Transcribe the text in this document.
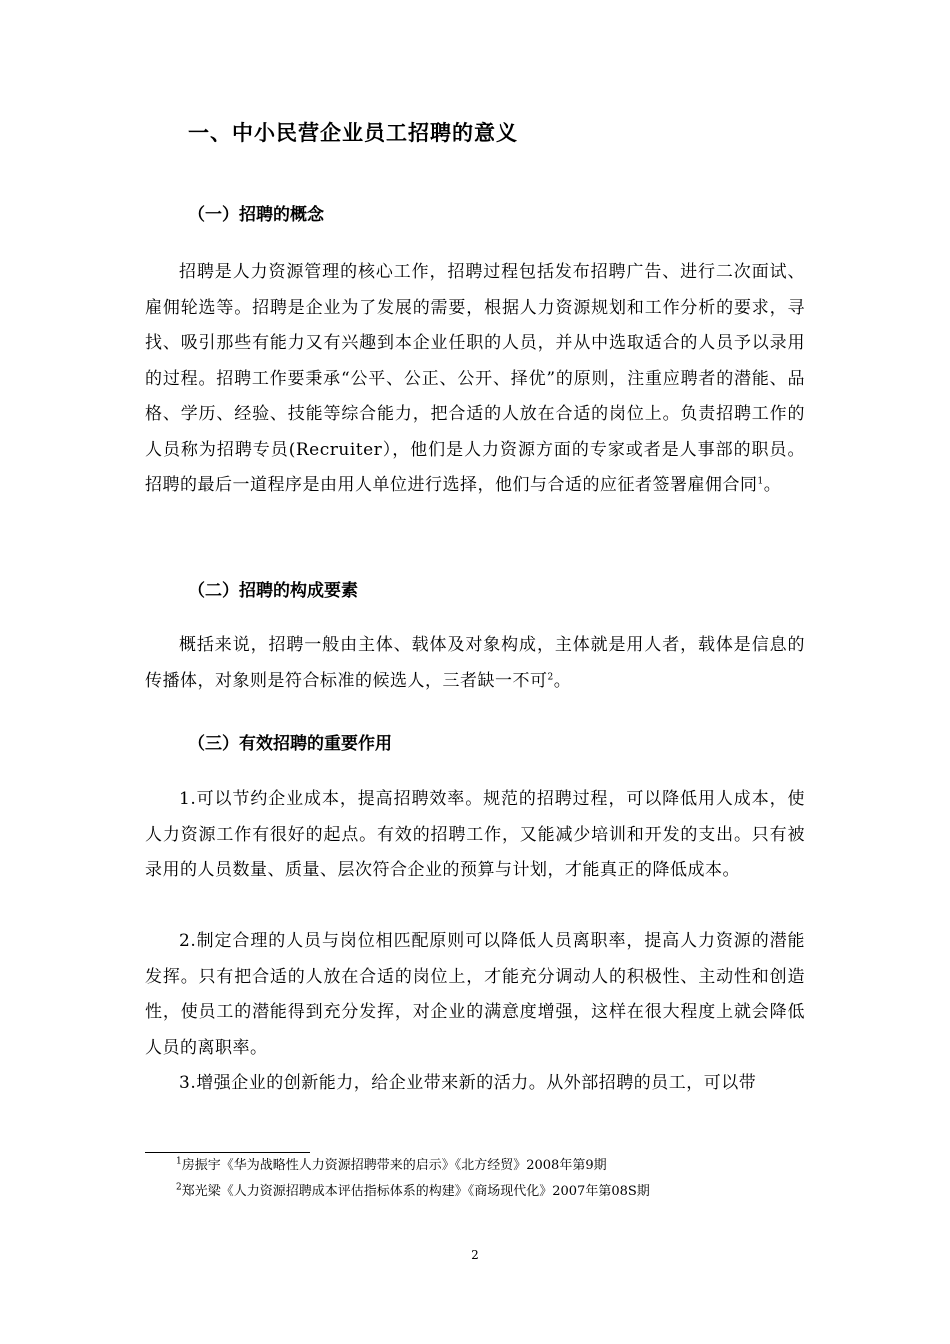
一、中小民营企业员工招聘的意义
（一）招聘的概念
招聘是人力资源管理的核心工作，招聘过程包括发布招聘广告、进行二次面试、雇佣轮选等。招聘是企业为了发展的需要，根据人力资源规划和工作分析的要求，寻找、吸引那些有能力又有兴趣到本企业任职的人员，并从中选取适合的人员予以录用的过程。招聘工作要秉承“公平、公正、公开、择优”的原则，注重应聘者的潜能、品格、学历、经验、技能等综合能力，把合适的人放在合适的岗位上。负责招聘工作的人员称为招聘专员(Recruiter），他们是人力资源方面的专家或者是人事部的职员。招聘的最后一道程序是由用人单位进行选择，他们与合适的应征者签署雇佣合同$^1$。
（二）招聘的构成要素
概括来说，招聘一般由主体、载体及对象构成，主体就是用人者，载体是信息的传播体，对象则是符合标准的候选人，三者缺一不可$^2$。
（三）有效招聘的重要作用
1.可以节约企业成本，提高招聘效率。规范的招聘过程，可以降低用人成本，使人力资源工作有很好的起点。有效的招聘工作，又能减少培训和开发的支出。只有被录用的人员数量、质量、层次符合企业的预算与计划，才能真正的降低成本。
2.制定合理的人员与岗位相匹配原则可以降低人员离职率，提高人力资源的潜能发挥。只有把合适的人放在合适的岗位上，才能充分调动人的积极性、主动性和创造性，使员工的潜能得到充分发挥，对企业的满意度增强，这样在很大程度上就会降低人员的离职率。
3.增强企业的创新能力，给企业带来新的活力。从外部招聘的员工，可以带
$^1$房振宇《华为战略性人力资源招聘带来的启示》《北方经贸》2008年第9期
$^2$郑光梁《人力资源招聘成本评估指标体系的构建》《商场现代化》2007年第08S期
2
